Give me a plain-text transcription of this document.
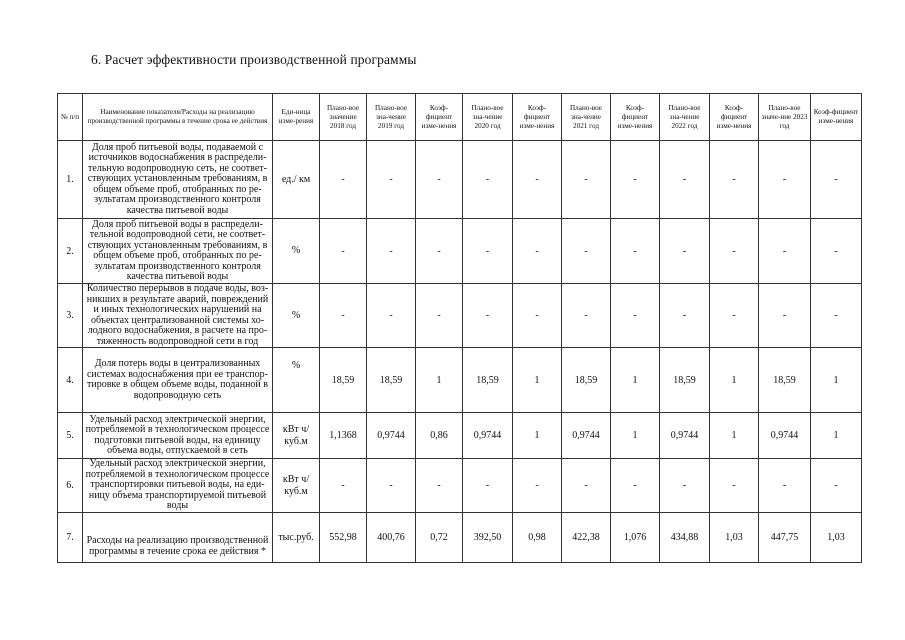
6. Расчет эффективности производственной программы
№ п/п	Наименование показателя/Расходы на реализацию производственной программы в течение срока ее действия	Еди-ница изме-рения	Плано-вое значение 2018 год	Плано-вое зна-чение 2019 год	Коэф-фициент изме-нения	Плано-вое зна-чение 2020 год	Коэф-фициент изме-нения	Плано-вое зна-чение 2021 год	Коэф-фициент изме-нения	Плано-вое зна-чение 2022 год	Коэф-фициент изме-нения	Плано-вое значе-ние 2023 год	Коэф-фициент изме-нения
1.	Доля проб питьевой воды, подаваемой с источников водоснабжения в распредели-тельную водопроводную сеть, не соответ-ствующих установленным требованиям, в общем объеме проб, отобранных по ре-зультатам производственного контроля качества питьевой воды	ед./ км	-	-	-	-	-	-	-	-	-	-	-
2.	Доля проб питьевой воды в распредели-тельной водопроводной сети, не соответ-ствующих установленным требованиям, в общем объеме проб, отобранных по ре-зультатам производственного контроля качества питьевой воды	%	-	-	-	-	-	-	-	-	-	-	-
3.	Количество перерывов в подаче воды, воз-никших в результате аварий, повреждений и иных технологических нарушений на объектах централизованной системы хо-лодного водоснабжения, в расчете на про-тяженность водопроводной сети в год	%	-	-	-	-	-	-	-	-	-	-	-
4.	Доля потерь воды в централизованных системах водоснабжения при ее транспор-тировке в общем объеме воды, поданной в водопроводную сеть	%	18,59	18,59	1	18,59	1	18,59	1	18,59	1	18,59	1
5.	Удельный расход электрической энергии, потребляемой в технологическом процессе подготовки питьевой воды, на единицу объема воды, отпускаемой в сеть	кВт ч/куб.м	1,1368	0,9744	0,86	0,9744	1	0,9744	1	0,9744	1	0,9744	1
6.	Удельный расход электрической энергии, потребляемой в технологическом процессе транспортировки питьевой воды, на еди-ницу объема транспортируемой питьевой воды	кВт ч/куб.м	-	-	-	-	-	-	-	-	-	-	-
7.	Расходы на реализацию производственной программы в течение срока ее действия *	тыс.руб.	552,98	400,76	0,72	392,50	0,98	422,38	1,076	434,88	1,03	447,75	1,03
